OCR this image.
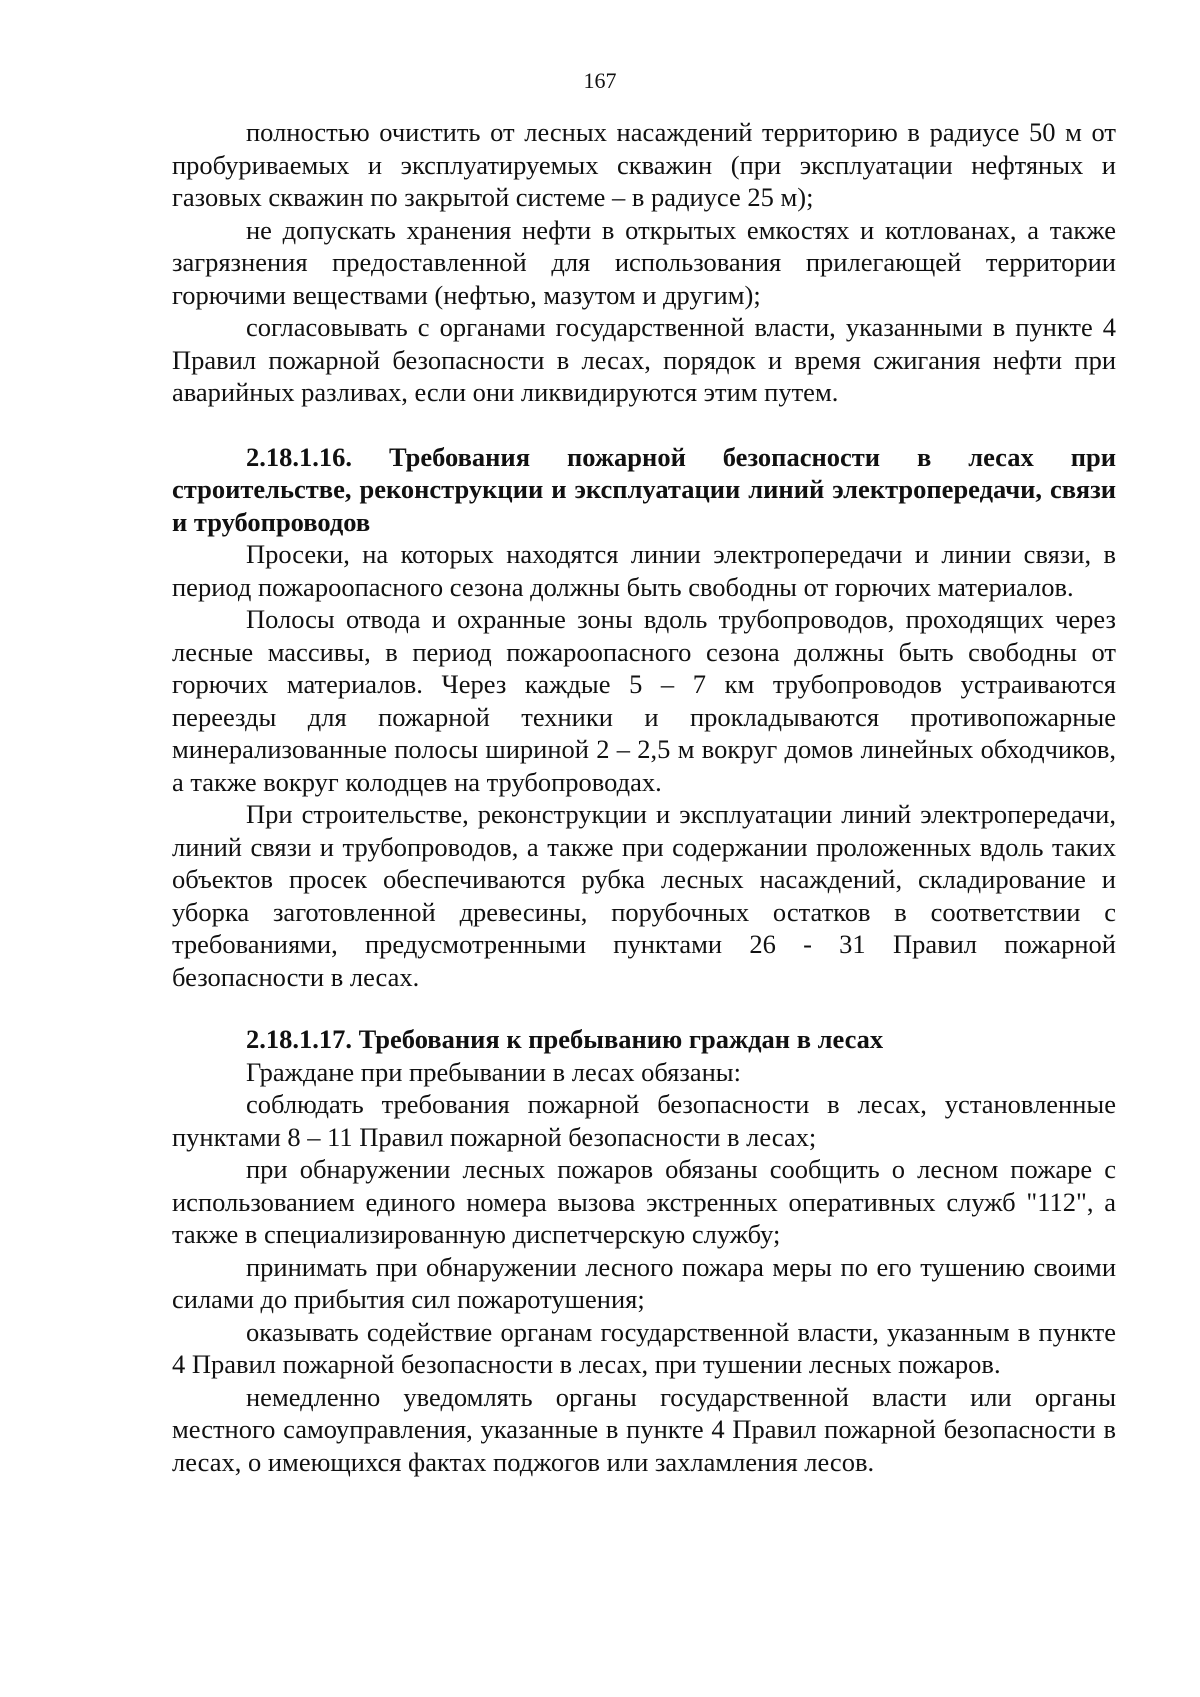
167

полностью очистить от лесных насаждений территорию в радиусе 50 м от пробуриваемых и эксплуатируемых скважин (при эксплуатации нефтяных и газовых скважин по закрытой системе – в радиусе 25 м);

не допускать хранения нефти в открытых емкостях и котлованах, а также загрязнения предоставленной для использования прилегающей территории горючими веществами (нефтью, мазутом и другим);

согласовывать с органами государственной власти, указанными в пункте 4 Правил пожарной безопасности в лесах, порядок и время сжигания нефти при аварийных разливах, если они ликвидируются этим путем.

2.18.1.16. Требования пожарной безопасности в лесах при строительстве, реконструкции и эксплуатации линий электропередачи, связи и трубопроводов

Просеки, на которых находятся линии электропередачи и линии связи, в период пожароопасного сезона должны быть свободны от горючих материалов.

Полосы отвода и охранные зоны вдоль трубопроводов, проходящих через лесные массивы, в период пожароопасного сезона должны быть свободны от горючих материалов. Через каждые 5 – 7 км трубопроводов устраиваются переезды для пожарной техники и прокладываются противопожарные минерализованные полосы шириной 2 – 2,5 м вокруг домов линейных обходчиков, а также вокруг колодцев на трубопроводах.

При строительстве, реконструкции и эксплуатации линий электропередачи, линий связи и трубопроводов, а также при содержании проложенных вдоль таких объектов просек обеспечиваются рубка лесных насаждений, складирование и уборка заготовленной древесины, порубочных остатков в соответствии с требованиями, предусмотренными пунктами 26 - 31 Правил пожарной безопасности в лесах.

2.18.1.17. Требования к пребыванию граждан в лесах

Граждане при пребывании в лесах обязаны:

соблюдать требования пожарной безопасности в лесах, установленные пунктами 8 – 11 Правил пожарной безопасности в лесах;

при обнаружении лесных пожаров обязаны сообщить о лесном пожаре с использованием единого номера вызова экстренных оперативных служб "112", а также в специализированную диспетчерскую службу;

принимать при обнаружении лесного пожара меры по его тушению своими силами до прибытия сил пожаротушения;

оказывать содействие органам государственной власти, указанным в пункте 4 Правил пожарной безопасности в лесах, при тушении лесных пожаров.

немедленно уведомлять органы государственной власти или органы местного самоуправления, указанные в пункте 4 Правил пожарной безопасности в лесах, о имеющихся фактах поджогов или захламления лесов.
